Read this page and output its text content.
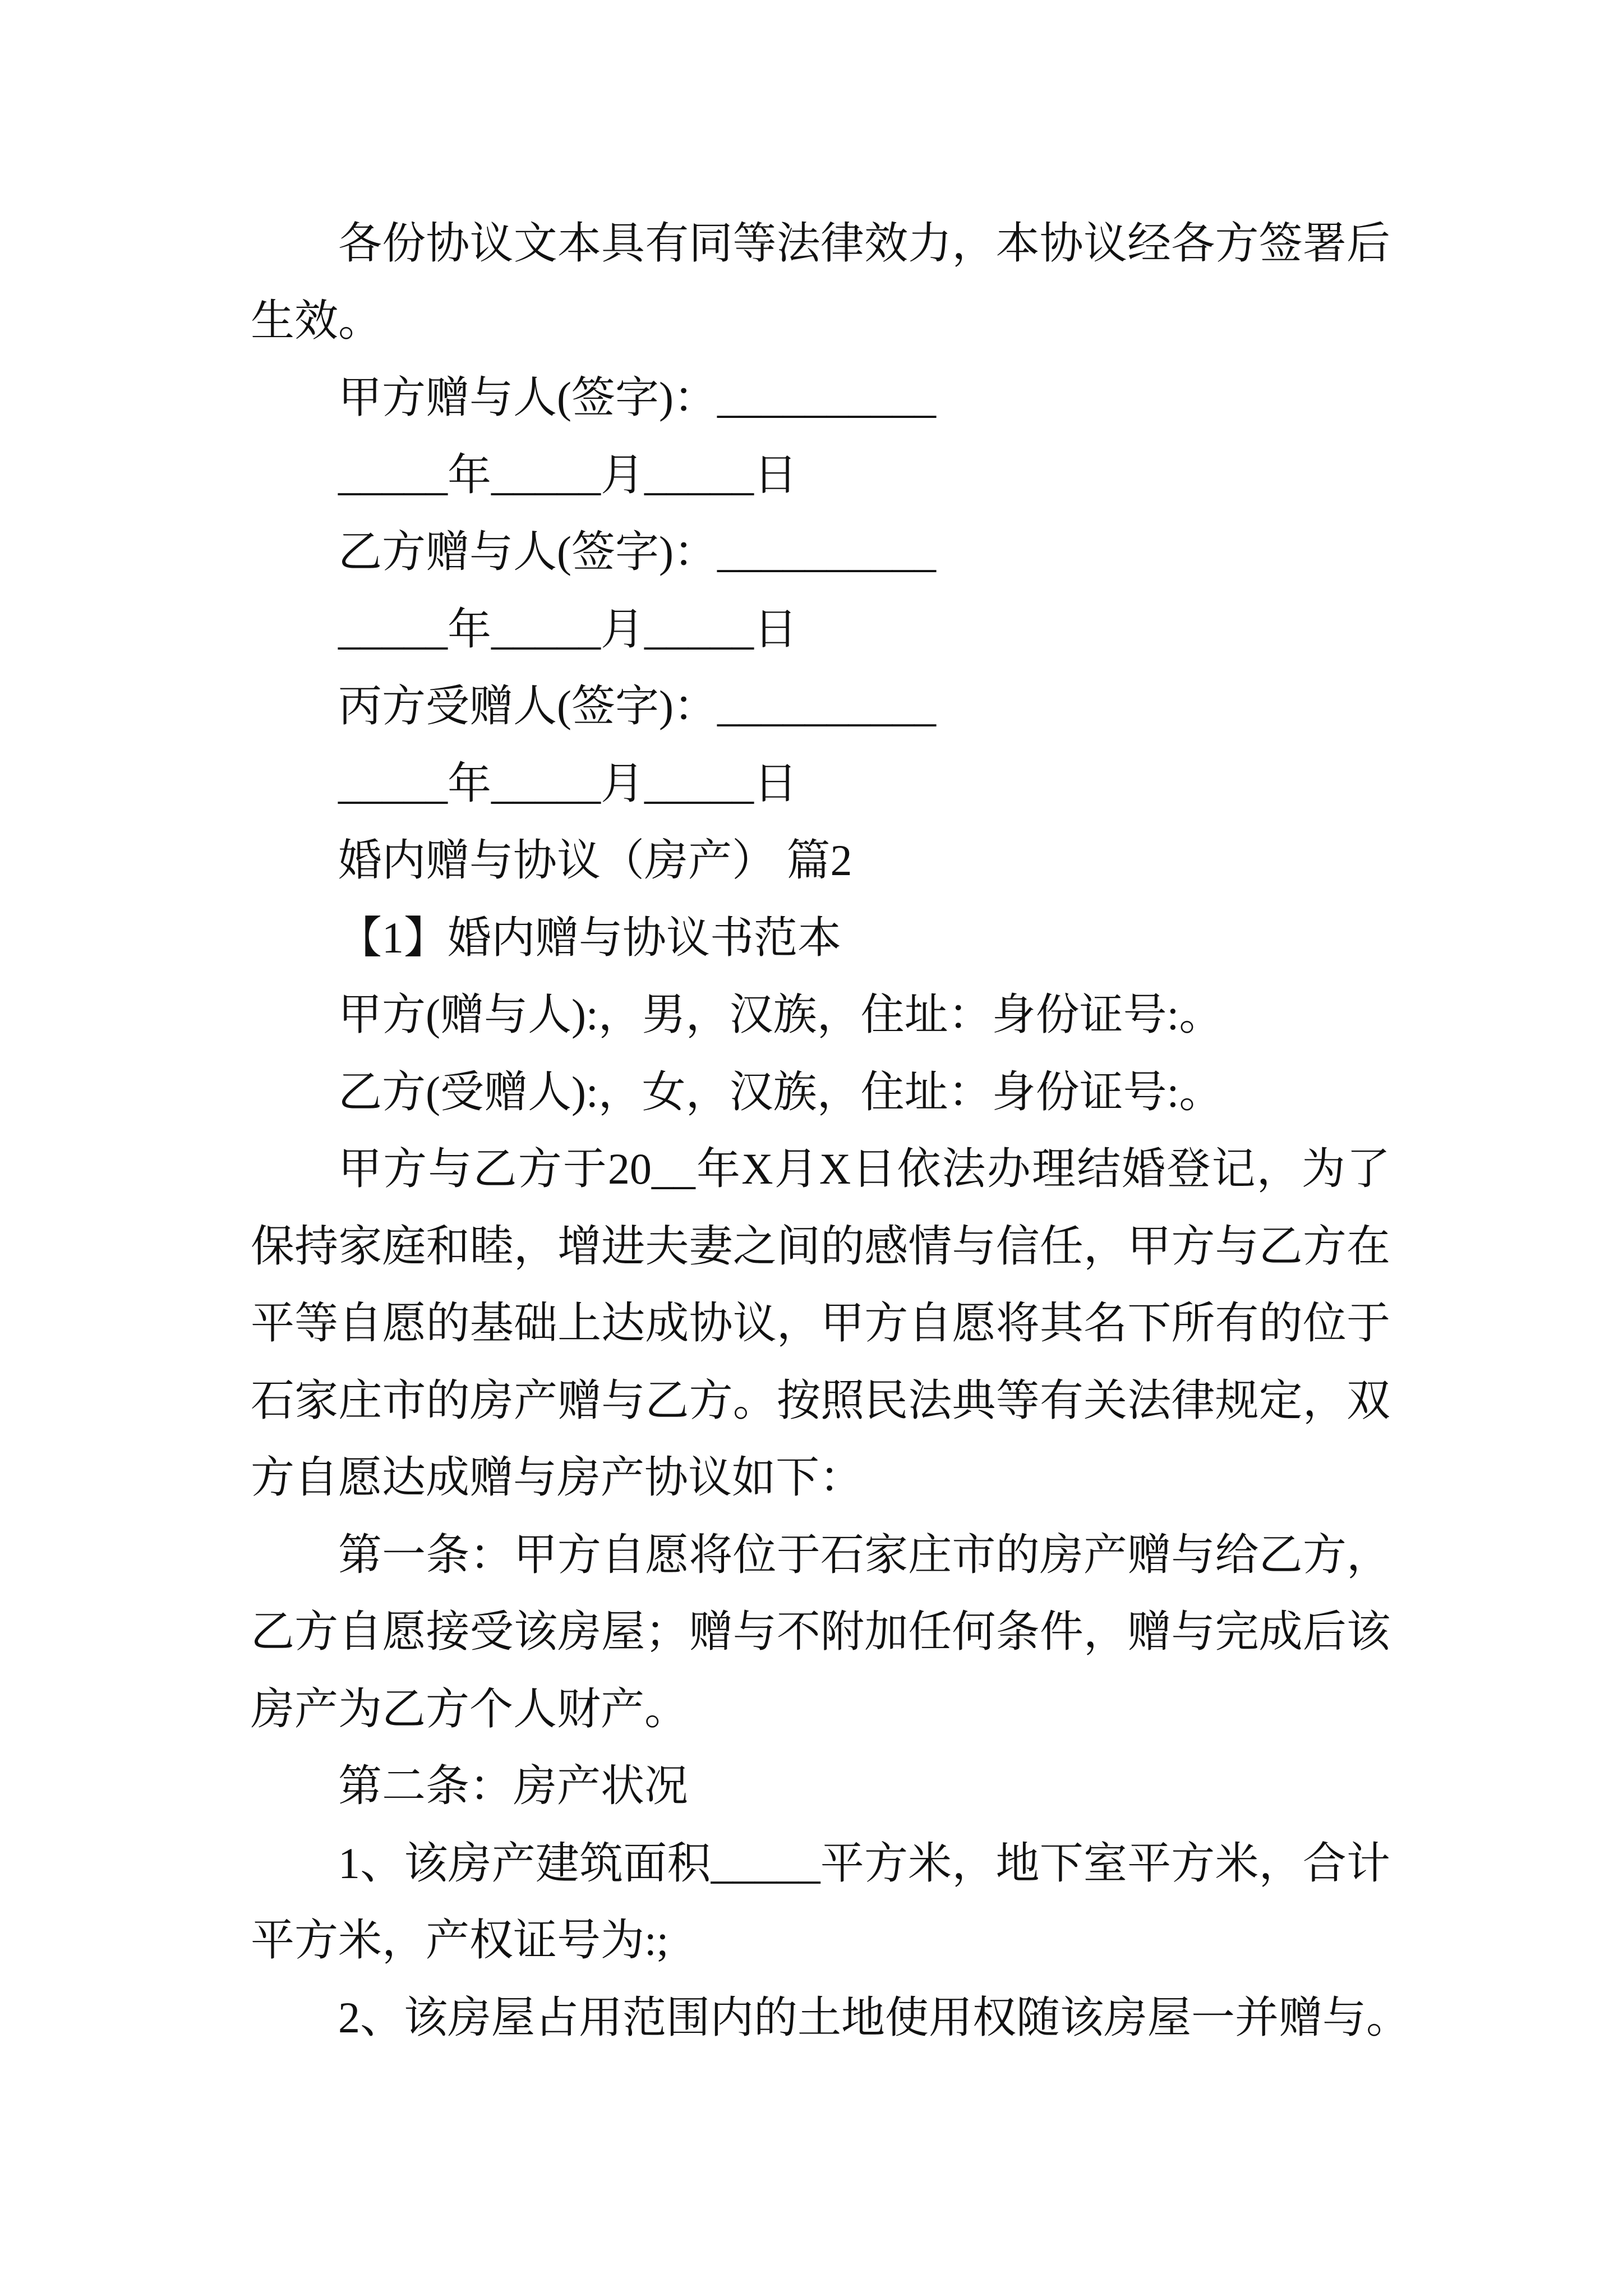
各份协议文本具有同等法律效力，本协议经各方签署后
生效。
甲方赠与人(签字)：__________
_____年_____月_____日
乙方赠与人(签字)：__________
_____年_____月_____日
丙方受赠人(签字)：__________
_____年_____月_____日
婚内赠与协议（房产） 篇2
【1】婚内赠与协议书范本
甲方(赠与人):，男，汉族，住址：身份证号:。
乙方(受赠人):，女，汉族，住址：身份证号:。
甲方与乙方于20__年X月X日依法办理结婚登记，为了
保持家庭和睦，增进夫妻之间的感情与信任，甲方与乙方在
平等自愿的基础上达成协议，甲方自愿将其名下所有的位于
石家庄市的房产赠与乙方。按照民法典等有关法律规定，双
方自愿达成赠与房产协议如下：
第一条：甲方自愿将位于石家庄市的房产赠与给乙方，
乙方自愿接受该房屋；赠与不附加任何条件，赠与完成后该
房产为乙方个人财产。
第二条：房产状况
1、该房产建筑面积_____平方米，地下室平方米，合计
平方米，产权证号为:;
2、该房屋占用范围内的土地使用权随该房屋一并赠与。
